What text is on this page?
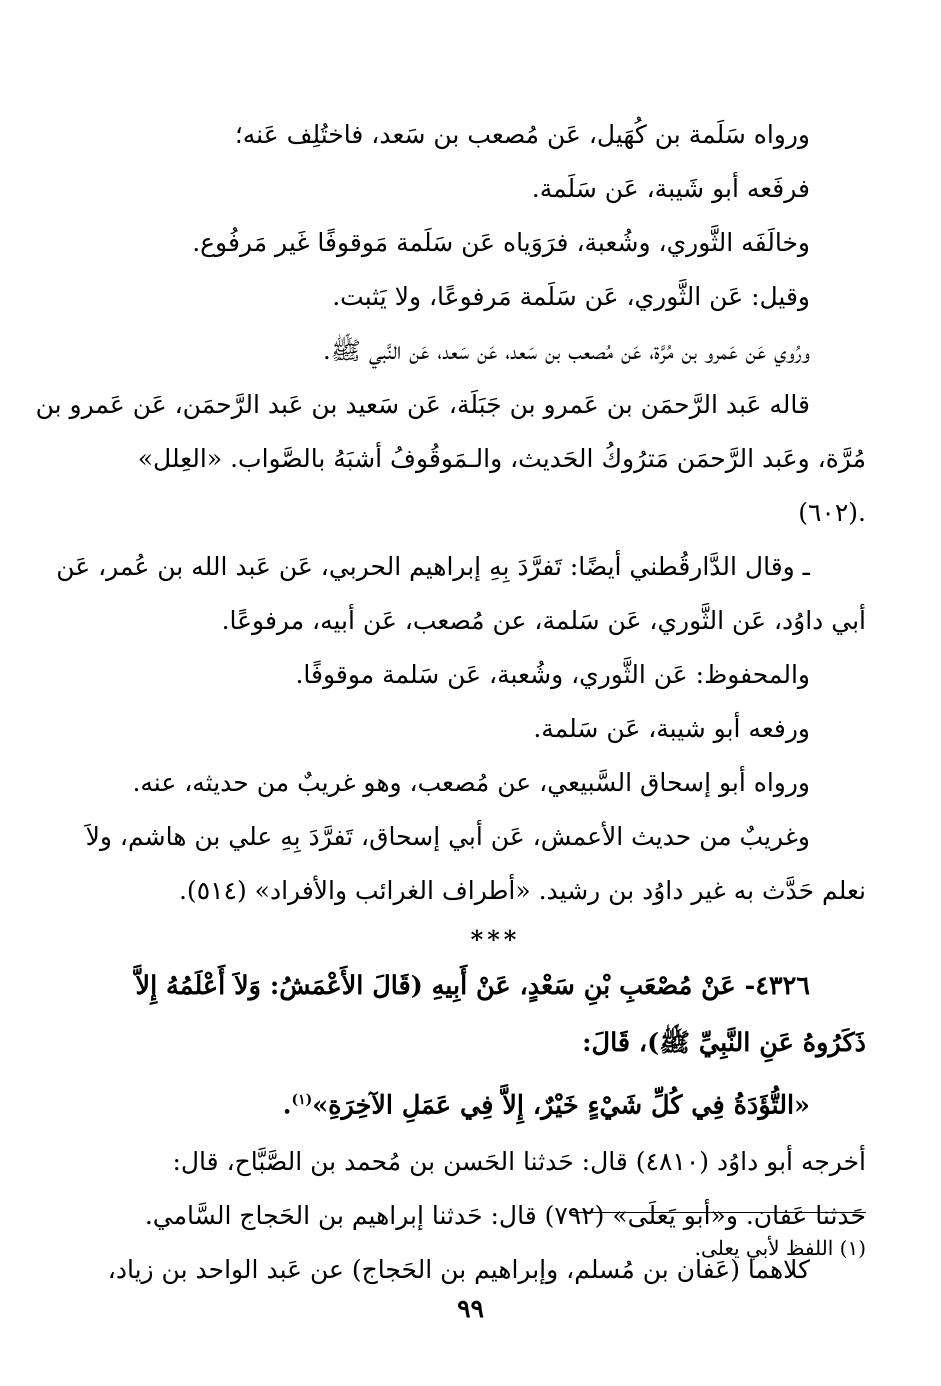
ورواه سَلَمة بن كُهَيل، عَن مُصعب بن سَعد، فاختُلِف عَنه؛
فرفَعه أبو شَيبة، عَن سَلَمة.
وخالَفَه الثَّوري، وشُعبة، فرَوَياه عَن سَلَمة مَوقوفًا غَير مَرفُوع.
وقيل: عَن الثَّوري، عَن سَلَمة مَرفوعًا، ولا يَثبت.
ورُوي عَن عَمرو بن مُرَّة، عَن مُصعب بن سَعد، عَن سَعد، عَن النَّبي ﷺ.
قاله عَبد الرَّحمَن بن عَمرو بن جَبَلَة، عَن سَعيد بن عَبد الرَّحمَن، عَن عَمرو بن
مُرَّة، وعَبد الرَّحمَن مَترُوكُ الحَديث، والـمَوقُوفُ أشبَهُ بالصَّواب. «العِلل»
(٦٠٢).
ـ وقال الدَّارقُطني أيضًا: تَفرَّدَ بِهِ إبراهيم الحربي، عَن عَبد الله بن عُمر، عَن
أبي داوُد، عَن الثَّوري، عَن سَلمة، عن مُصعب، عَن أبيه، مرفوعًا.
والمحفوظ: عَن الثَّوري، وشُعبة، عَن سَلمة موقوفًا.
ورفعه أبو شيبة، عَن سَلمة.
ورواه أبو إسحاق السَّبيعي، عن مُصعب، وهو غريبٌ من حديثه، عنه.
وغريبٌ من حديث الأعمش، عَن أبي إسحاق، تَفرَّدَ بِهِ علي بن هاشم، ولاَ
نعلم حَدَّث به غير داوُد بن رشيد. «أطراف الغرائب والأفراد» (٥١٤).
***
٤٣٢٦- عَنْ مُصْعَبِ بْنِ سَعْدٍ، عَنْ أَبِيهِ (قَالَ الأَعْمَشُ: وَلاَ أَعْلَمُهُ إِلاَّ
ذَكَرُوهُ عَنِ النَّبِيِّ ﷺ)، قَالَ:
«التُّؤَدَةُ فِي كُلِّ شَيْءٍ خَيْرٌ، إِلاَّ فِي عَمَلِ الآخِرَةِ»$^{(١)}$.
أخرجه أبو داوُد (٤٨١٠) قال: حَدثنا الحَسن بن مُحمد بن الصَّبَّاح، قال:
حَدثنا عَفان. و«أبو يَعلَى» (٧٩٢) قال: حَدثنا إبراهيم بن الحَجاج السَّامي.
كلاهما (عَفان بن مُسلم، وإبراهيم بن الحَجاج) عن عَبد الواحد بن زياد،
(١) اللفظ لأبي يعلى.
٩٩
